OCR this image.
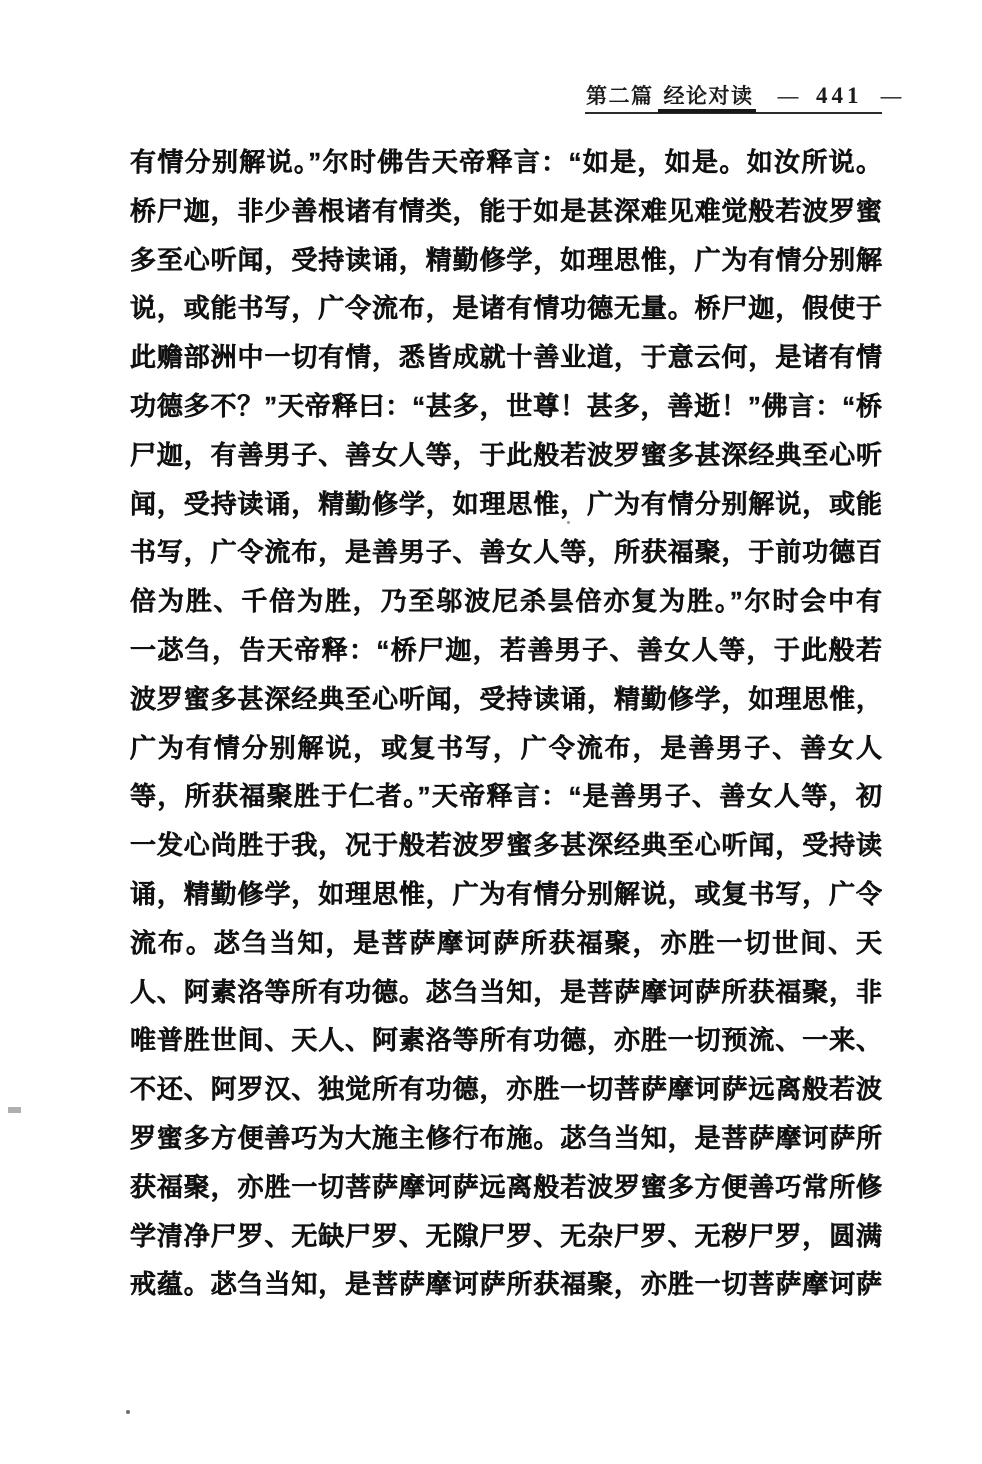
第二篇 经论对读 — 441 —
有情分别解说。”尔时佛告天帝释言：“如是，如是。如汝所说。
桥尸迦，非少善根诸有情类，能于如是甚深难见难觉般若波罗蜜
多至心听闻，受持读诵，精勤修学，如理思惟，广为有情分别解
说，或能书写，广令流布，是诸有情功德无量。桥尸迦，假使于
此赡部洲中一切有情，悉皆成就十善业道，于意云何，是诸有情
功德多不？”天帝释曰：“甚多，世尊！甚多，善逝！”佛言：“桥
尸迦，有善男子、善女人等，于此般若波罗蜜多甚深经典至心听
闻，受持读诵，精勤修学，如理思惟，广为有情分别解说，或能
书写，广令流布，是善男子、善女人等，所获福聚，于前功德百
倍为胜、千倍为胜，乃至邬波尼杀昙倍亦复为胜。”尔时会中有
一苾刍，告天帝释：“桥尸迦，若善男子、善女人等，于此般若
波罗蜜多甚深经典至心听闻，受持读诵，精勤修学，如理思惟，
广为有情分别解说，或复书写，广令流布，是善男子、善女人
等，所获福聚胜于仁者。”天帝释言：“是善男子、善女人等，初
一发心尚胜于我，况于般若波罗蜜多甚深经典至心听闻，受持读
诵，精勤修学，如理思惟，广为有情分别解说，或复书写，广令
流布。苾刍当知，是菩萨摩诃萨所获福聚，亦胜一切世间、天
人、阿素洛等所有功德。苾刍当知，是菩萨摩诃萨所获福聚，非
唯普胜世间、天人、阿素洛等所有功德，亦胜一切预流、一来、
不还、阿罗汉、独觉所有功德，亦胜一切菩萨摩诃萨远离般若波
罗蜜多方便善巧为大施主修行布施。苾刍当知，是菩萨摩诃萨所
获福聚，亦胜一切菩萨摩诃萨远离般若波罗蜜多方便善巧常所修
学清净尸罗、无缺尸罗、无隙尸罗、无杂尸罗、无秽尸罗，圆满
戒蕴。苾刍当知，是菩萨摩诃萨所获福聚，亦胜一切菩萨摩诃萨
